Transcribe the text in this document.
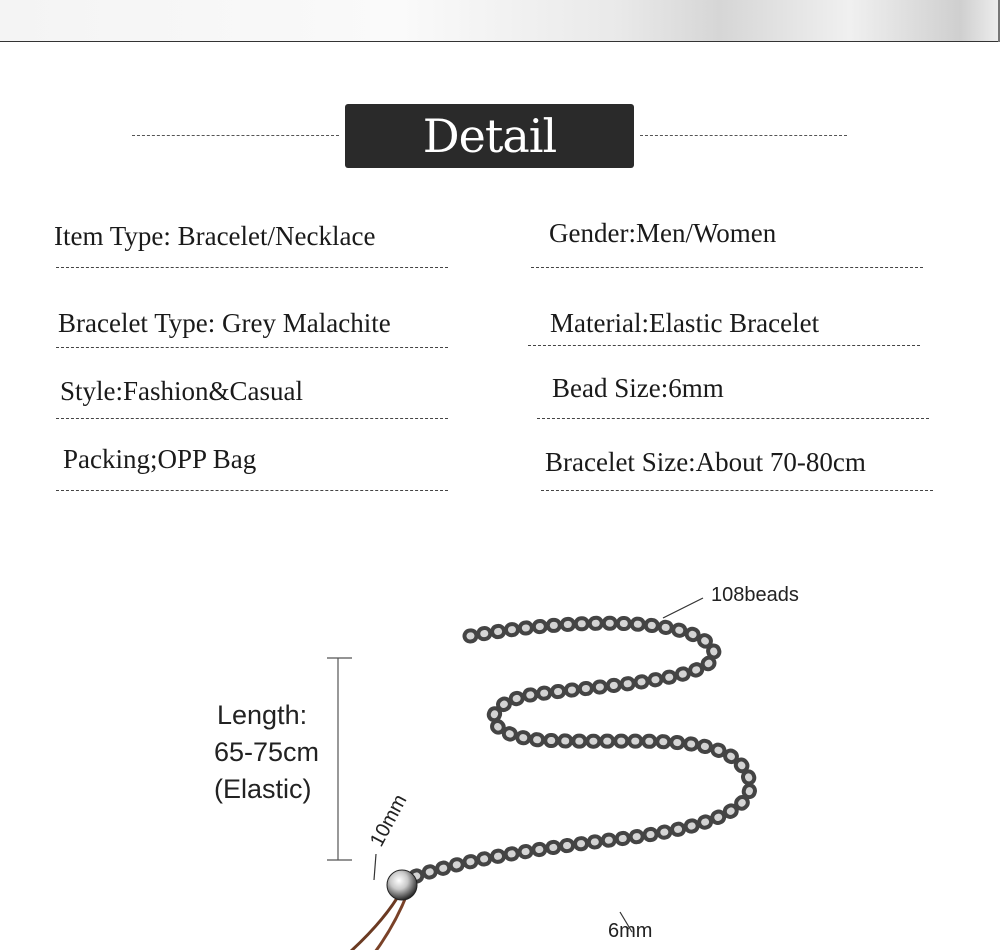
Detail Display
Item Type: Bracelet/Necklace	Gender:Men/Women
Bracelet Type: Grey Malachite	Material:Elastic Bracelet
Style:Fashion&Casual	Bead Size:6mm
Packing;OPP Bag	Bracelet Size:About 70-80cm
Length:
65-75cm
(Elastic)
108beads
6mm
10mm
